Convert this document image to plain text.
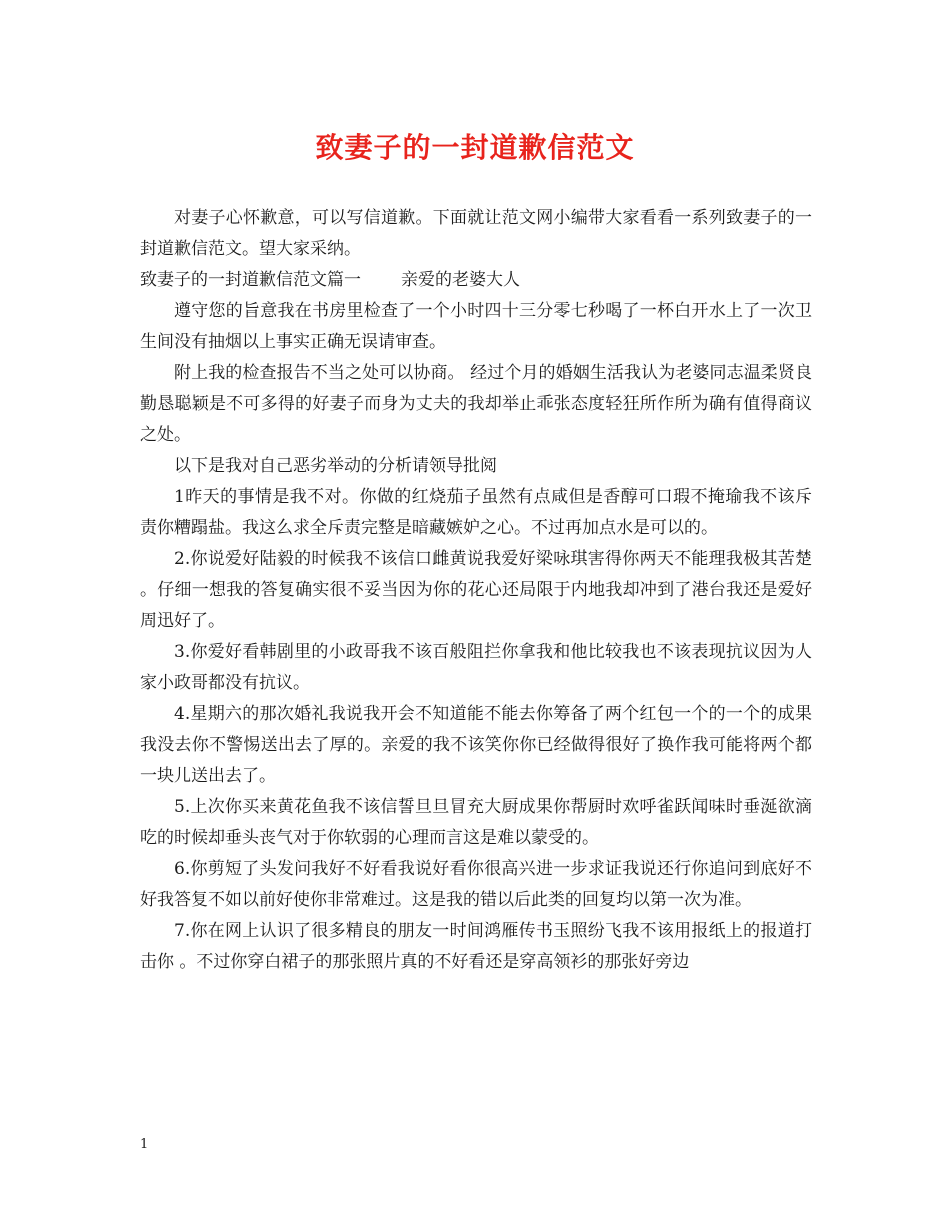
致妻子的一封道歉信范文

对妻子心怀歉意，可以写信道歉。下面就让范文网小编带大家看看一系列致妻子的一封道歉信范文。望大家采纳。

致妻子的一封道歉信范文篇一 亲爱的老婆大人

遵守您的旨意我在书房里检查了一个小时四十三分零七秒喝了一杯白开水上了一次卫生间没有抽烟以上事实正确无误请审查。

附上我的检查报告不当之处可以协商。 经过个月的婚姻生活我认为老婆同志温柔贤良勤恳聪颖是不可多得的好妻子而身为丈夫的我却举止乖张态度轻狂所作所为确有值得商议之处。

以下是我对自己恶劣举动的分析请领导批阅

1昨天的事情是我不对。你做的红烧茄子虽然有点咸但是香醇可口瑕不掩瑜我不该斥责你糟蹋盐。我这么求全斥责完整是暗藏嫉妒之心。不过再加点水是可以的。

2.你说爱好陆毅的时候我不该信口雌黄说我爱好梁咏琪害得你两天不能理我极其苦楚 。仔细一想我的答复确实很不妥当因为你的花心还局限于内地我却冲到了港台我还是爱好周迅好了。

3.你爱好看韩剧里的小政哥我不该百般阻拦你拿我和他比较我也不该表现抗议因为人家小政哥都没有抗议。

4.星期六的那次婚礼我说我开会不知道能不能去你筹备了两个红包一个的一个的成果我没去你不警惕送出去了厚的。亲爱的我不该笑你你已经做得很好了换作我可能将两个都一块儿送出去了。

5.上次你买来黄花鱼我不该信誓旦旦冒充大厨成果你帮厨时欢呼雀跃闻味时垂涎欲滴吃的时候却垂头丧气对于你软弱的心理而言这是难以蒙受的。

6.你剪短了头发问我好不好看我说好看你很高兴进一步求证我说还行你追问到底好不好我答复不如以前好使你非常难过。这是我的错以后此类的回复均以第一次为准。

7.你在网上认识了很多精良的朋友一时间鸿雁传书玉照纷飞我不该用报纸上的报道打击你 。不过你穿白裙子的那张照片真的不好看还是穿高领衫的那张好旁边

1
